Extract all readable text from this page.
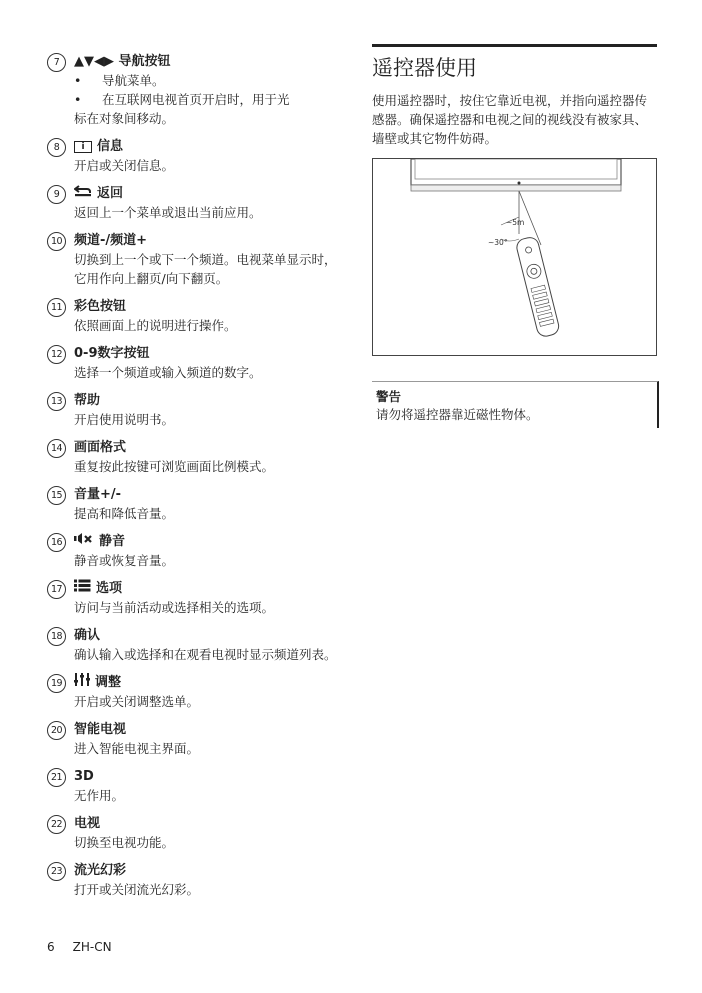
7	▲▼◀▶ 导航按钮
• 导航菜单。
• 在互联网电视首页开启时，用于光
标在对象间移动。
8	i 信息
开启或关闭信息。
9	返回
返回上一个菜单或退出当前应用。
10 频道-/频道+
切换到上一个或下一个频道。电视菜单显示时，它用作向上翻页/向下翻页。
11 彩色按钮
依照画面上的说明进行操作。
12 0-9数字按钮
选择一个频道或输入频道的数字。
13 帮助
开启使用说明书。
14 画面格式
重复按此按键可浏览画面比例模式。
15 音量+/-
提高和降低音量。
16	静音
静音或恢复音量。
17	选项
访问与当前活动或选择相关的选项。
18 确认
确认输入或选择和在观看电视时显示频道列表。
19	调整
开启或关闭调整选单。
20 智能电视
进入智能电视主界面。
21 3D
无作用。
22 电视
切换至电视功能。
23 流光幻彩
打开或关闭流光幻彩。
遥控器使用
使用遥控器时，按住它靠近电视，并指向遥控器传感器。确保遥控器和电视之间的视线没有被家具、墙壁或其它物件妨碍。
~5m
~30°
警告
请勿将遥控器靠近磁性物体。
6 ZH-CN
